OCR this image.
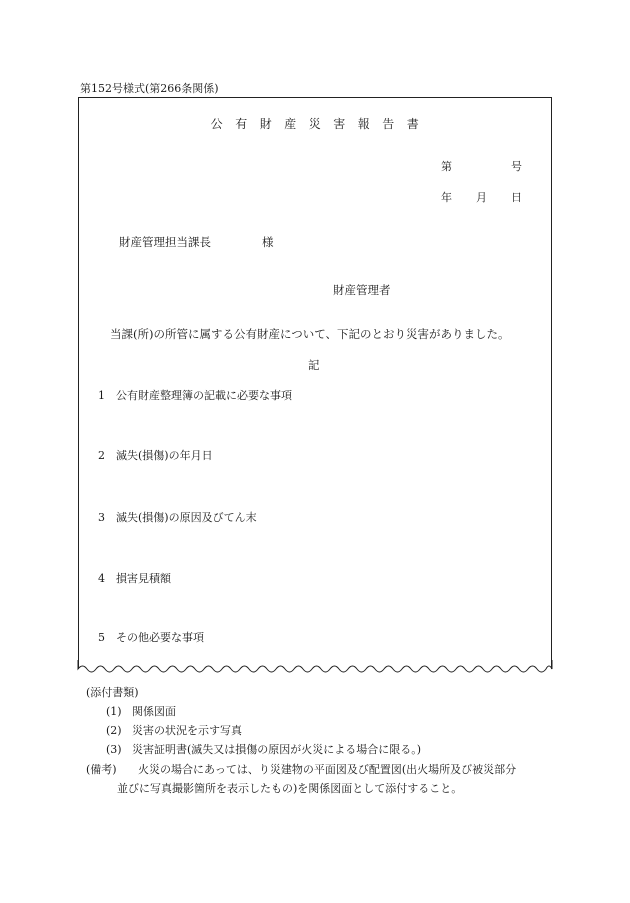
第152号様式(第266条関係)
公 有 財 産 災 害 報 告 書
第	号
年 月 日
財産管理担当課長	様
財産管理者
当課(所)の所管に属する公有財産について、下記のとおり災害がありました。
記
1 公有財産整理簿の記載に必要な事項
2 滅失(損傷)の年月日
3 滅失(損傷)の原因及びてん末
4 損害見積額
5 その他必要な事項
(添付書類)
(1) 関係図面
(2) 災害の状況を示す写真
(3) 災害証明書(滅失又は損傷の原因が火災による場合に限る。)
(備考) 火災の場合にあっては、り災建物の平面図及び配置図(出火場所及び被災部分
並びに写真撮影箇所を表示したもの)を関係図面として添付すること。
